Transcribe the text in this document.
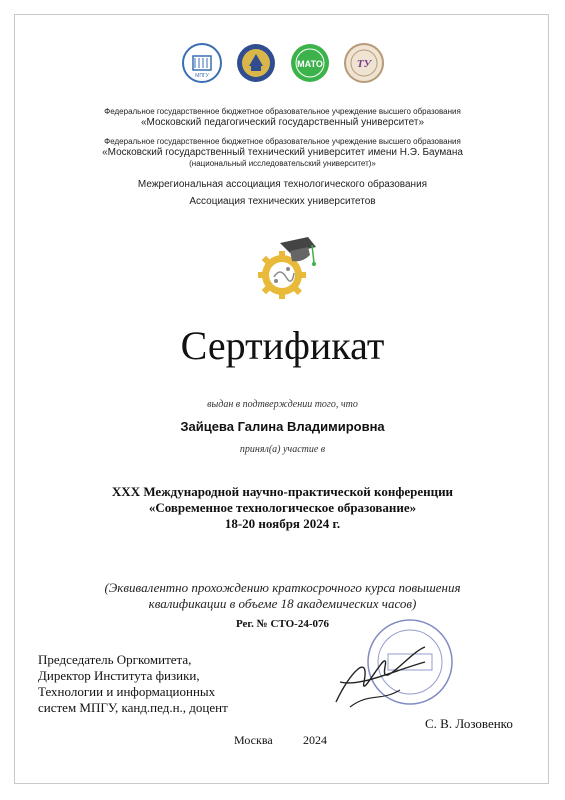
МПГУ
МАТО	ТУ
Федеральное государственное бюджетное образовательное учреждение высшего образования
«Московский педагогический государственный университет»
Федеральное государственное бюджетное образовательное учреждение высшего образования
«Московский государственный технический университет имени Н.Э. Баумана
(национальный исследовательский университет)»
Межрегиональная ассоциация технологического образования
Ассоциация технических университетов
Сертификат
выдан в подтверждении того, что
Зайцева Галина Владимировна
принял(а) участие в
XXX Международной научно-практической конференции
«Современное технологическое образование»
18-20 ноября 2024 г.
(Эквивалентно прохождению краткосрочного курса повышения
квалификации в объеме 18 академических часов)
Рег. № СТО-24-076
Председатель Оргкомитета,
Директор Института физики,
Технологии и информационных
систем МПГУ, канд.пед.н., доцент
С. В. Лозовенко
Москва	2024
